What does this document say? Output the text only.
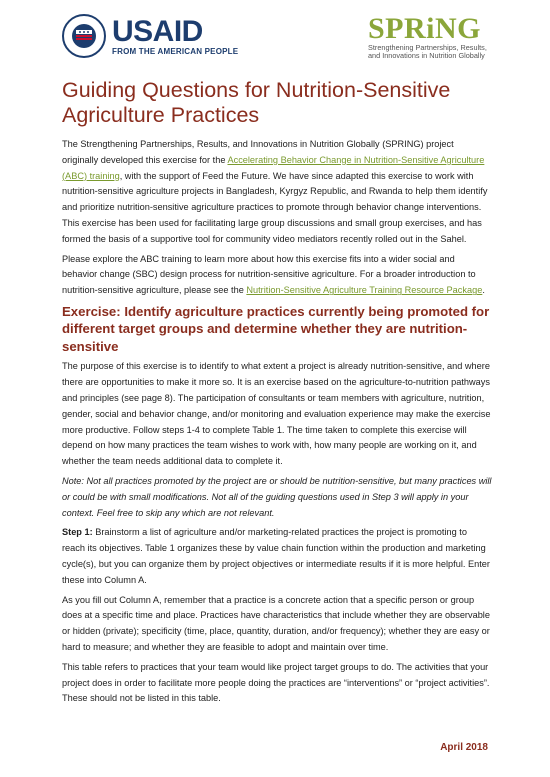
USAID
FROM THE AMERICAN PEOPLE
SPRiNG
Strengthening Partnerships, Results,
and Innovations in Nutrition Globally
Guiding Questions for Nutrition-Sensitive
Agriculture Practices

The Strengthening Partnerships, Results, and Innovations in Nutrition Globally (SPRING) project originally developed this exercise for the Accelerating Behavior Change in Nutrition-Sensitive Agriculture (ABC) training, with the support of Feed the Future. We have since adapted this exercise to work with nutrition-sensitive agriculture projects in Bangladesh, Kyrgyz Republic, and Rwanda to help them identify and prioritize nutrition-sensitive agriculture practices to promote through behavior change interventions. This exercise has been used for facilitating large group discussions and small group exercises, and has formed the basis of a supportive tool for community video mediators recently rolled out in the Sahel.

Please explore the ABC training to learn more about how this exercise fits into a wider social and behavior change (SBC) design process for nutrition-sensitive agriculture. For a broader introduction to nutrition-sensitive agriculture, please see the Nutrition-Sensitive Agriculture Training Resource Package.

Exercise: Identify agriculture practices currently being promoted for different target groups and determine whether they are nutrition-sensitive

The purpose of this exercise is to identify to what extent a project is already nutrition-sensitive, and where there are opportunities to make it more so. It is an exercise based on the agriculture-to-nutrition pathways and principles (see page 8). The participation of consultants or team members with agriculture, nutrition, gender, social and behavior change, and/or monitoring and evaluation experience may make the exercise more productive. Follow steps 1-4 to complete Table 1. The time taken to complete this exercise will depend on how many practices the team wishes to work with, how many people are working on it, and whether the team needs additional data to complete it.

Note: Not all practices promoted by the project are or should be nutrition-sensitive, but many practices will or could be with small modifications. Not all of the guiding questions used in Step 3 will apply in your context. Feel free to skip any which are not relevant.

Step 1: Brainstorm a list of agriculture and/or marketing-related practices the project is promoting to reach its objectives. Table 1 organizes these by value chain function within the production and marketing cycle(s), but you can organize them by project objectives or intermediate results if it is more helpful. Enter these into Column A.

As you fill out Column A, remember that a practice is a concrete action that a specific person or group does at a specific time and place. Practices have characteristics that include whether they are observable or hidden (private); specificity (time, place, quantity, duration, and/or frequency); whether they are easy or hard to measure; and whether they are feasible to adopt and maintain over time.

This table refers to practices that your team would like project target groups to do. The activities that your project does in order to facilitate more people doing the practices are “interventions” or “project activities”. These should not be listed in this table.

April 2018
